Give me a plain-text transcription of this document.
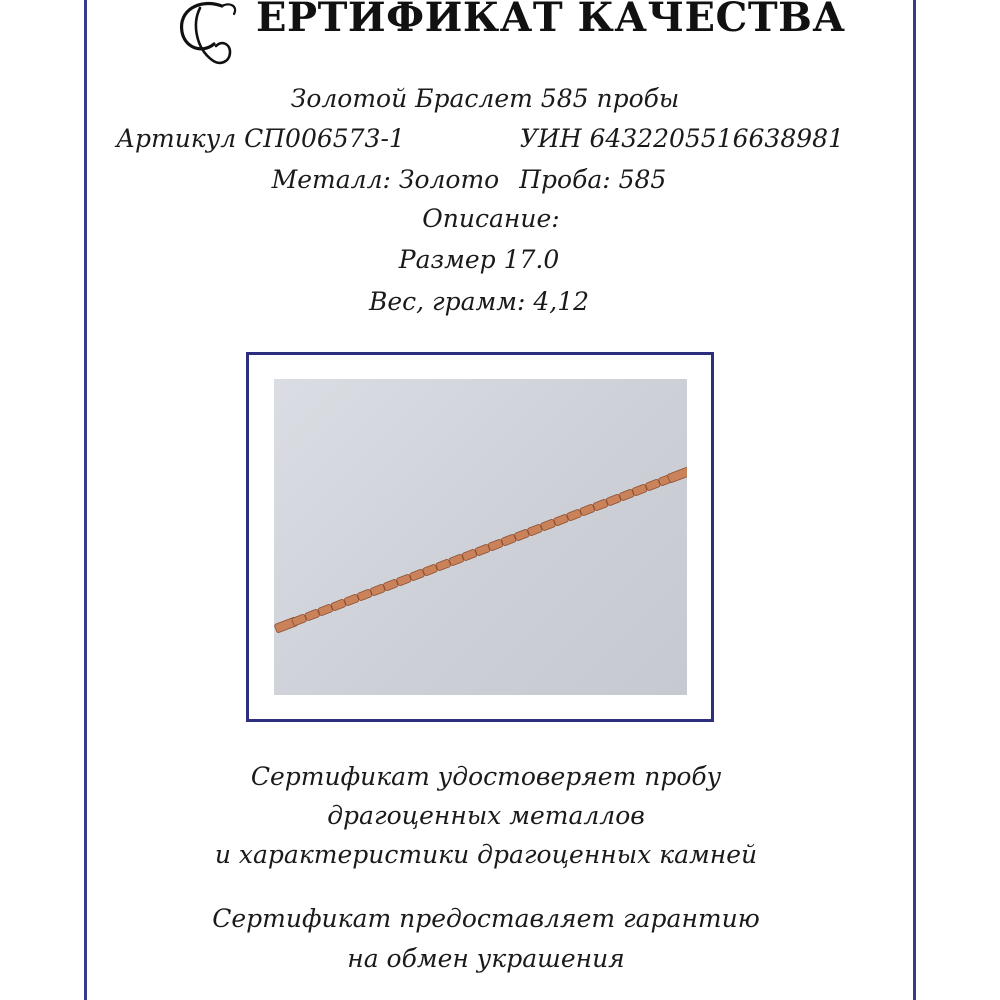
ЕРТИФИКАТ КАЧЕСТВА
Золотой Браслет 585 пробы
Артикул СП006573-1	УИН 6432205516638981
Металл: Золото Проба: 585
Описание:
Размер 17.0
Вес, грамм: 4,12
Сертификат удостоверяет пробу
драгоценных металлов
и характеристики драгоценных камней
Сертификат предоставляет гарантию
на обмен украшения
